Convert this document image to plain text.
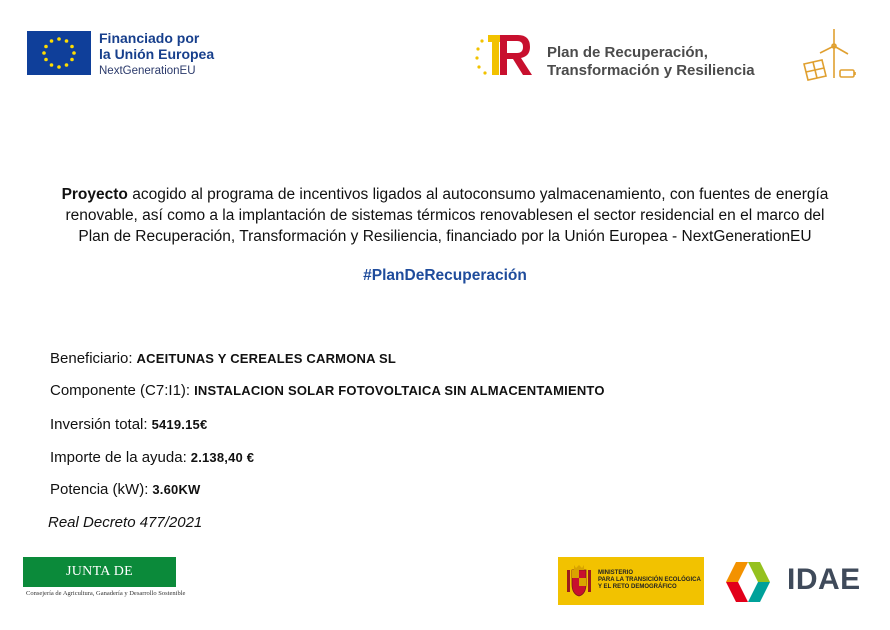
Financiado por
la Unión Europea
NextGenerationEU
Plan de Recuperación,
Transformación y Resiliencia
Proyecto acogido al programa de incentivos ligados al autoconsumo yalmacenamiento, con fuentes de energía
renovable, así como a la implantación de sistemas térmicos renovablesen el sector residencial en el marco del
Plan de Recuperación, Transformación y Resiliencia, financiado por la Unión Europea - NextGenerationEU
#PlanDeRecuperación
Beneficiario: ACEITUNAS Y CEREALES CARMONA SL
Componente (C7:I1): INSTALACION SOLAR FOTOVOLTAICA SIN ALMACENTAMIENTO
Inversión total: 5419.15€
Importe de la ayuda: 2.138,40 €
Potencia (kW): 3.60KW
Real Decreto 477/2021
JUNTA DE EXTREMADURA
Consejería de Agricultura, Ganadería y Desarrollo Sostenible
MINISTERIO
PARA LA TRANSICIÓN ECOLÓGICA
Y EL RETO DEMOGRÁFICO	IDAE
